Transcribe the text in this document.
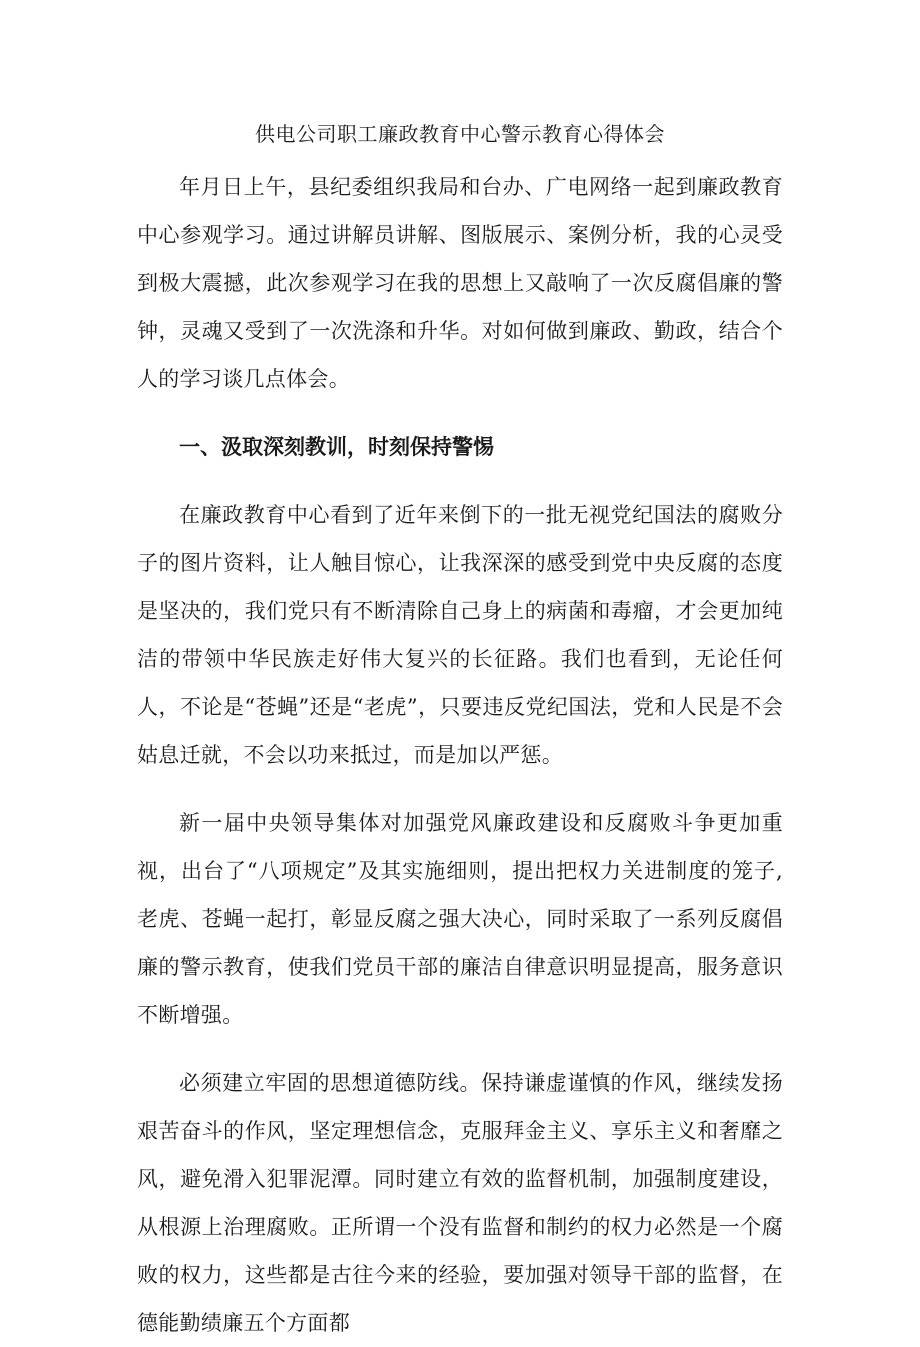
供电公司职工廉政教育中心警示教育心得体会

年月日上午，县纪委组织我局和台办、广电网络一起到廉政教育中心参观学习。通过讲解员讲解、图版展示、案例分析，我的心灵受到极大震撼，此次参观学习在我的思想上又敲响了一次反腐倡廉的警钟，灵魂又受到了一次洗涤和升华。对如何做到廉政、勤政，结合个人的学习谈几点体会。

一、汲取深刻教训，时刻保持警惕

在廉政教育中心看到了近年来倒下的一批无视党纪国法的腐败分子的图片资料，让人触目惊心，让我深深的感受到党中央反腐的态度是坚决的，我们党只有不断清除自己身上的病菌和毒瘤，才会更加纯洁的带领中华民族走好伟大复兴的长征路。我们也看到，无论任何人，不论是“苍蝇”还是“老虎”，只要违反党纪国法，党和人民是不会姑息迁就，不会以功来抵过，而是加以严惩。

新一届中央领导集体对加强党风廉政建设和反腐败斗争更加重视，出台了“八项规定”及其实施细则，提出把权力关进制度的笼子,老虎、苍蝇一起打，彰显反腐之强大决心，同时采取了一系列反腐倡廉的警示教育，使我们党员干部的廉洁自律意识明显提高，服务意识不断增强。

必须建立牢固的思想道德防线。保持谦虚谨慎的作风，继续发扬艰苦奋斗的作风，坚定理想信念，克服拜金主义、享乐主义和奢靡之风，避免滑入犯罪泥潭。同时建立有效的监督机制，加强制度建设，从根源上治理腐败。正所谓一个没有监督和制约的权力必然是一个腐败的权力，这些都是古往今来的经验，要加强对领导干部的监督，在德能勤绩廉五个方面都
